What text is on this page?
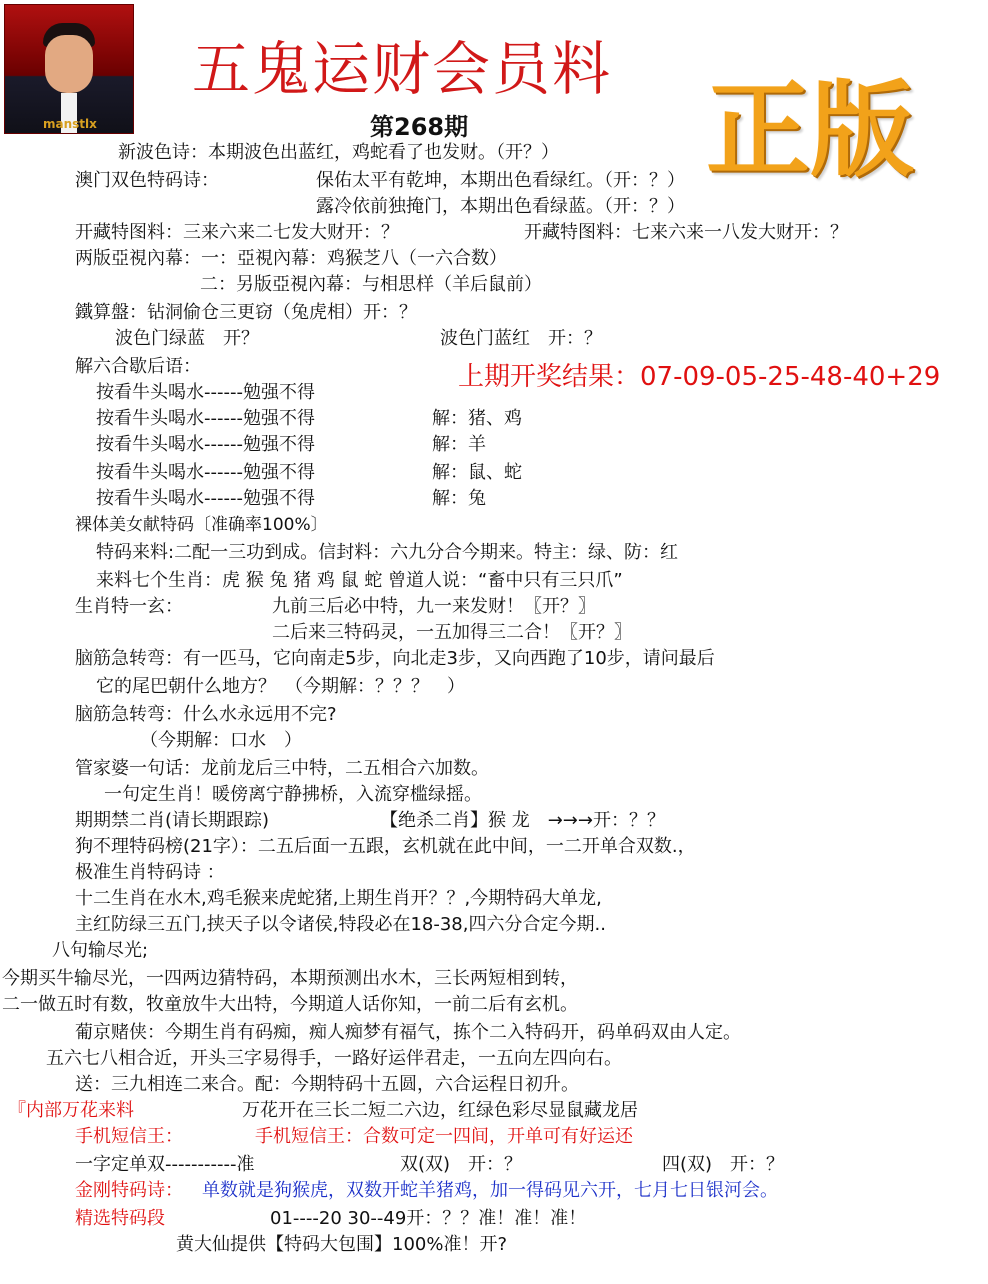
manstlx
五鬼运财会员料 正版
第268期
上期开奖结果：07-09-05-25-48-40+29
新波色诗：本期波色出蓝红，鸡蛇看了也发财。（开？）
澳门双色特码诗：	保佑太平有乾坤，本期出色看绿红。（开：？）
露冷依前独掩门，本期出色看绿蓝。（开：？）
开藏特图料：三来六来二七发大财开：？	开藏特图料：七来六来一八发大财开：？
两版亞視內幕：一：亞視內幕：鸡猴芝八（一六合数）
二：另版亞視內幕：与相思样（羊后鼠前）
鐵算盤：钻洞偷仓三更窃（兔虎相）开：？
波色门绿蓝　开？	波色门蓝红　开：？
解六合歇后语：
按看牛头喝水------勉强不得
按看牛头喝水------勉强不得	解：猪、鸡
按看牛头喝水------勉强不得	解：羊
按看牛头喝水------勉强不得	解：鼠、蛇
按看牛头喝水------勉强不得	解：兔
裸体美女献特码〔准确率100%〕
特码来料:二配一三功到成。信封料：六九分合今期来。特主：绿、防：红
来料七个生肖：虎 猴 兔 猪 鸡 鼠 蛇 曾道人说：“畜中只有三只爪”
生肖特一玄：	九前三后必中特，九一来发财！〖开？〗
二后来三特码灵，一五加得三二合！〖开？〗
脑筋急转弯：有一匹马，它向南走5步，向北走3步，又向西跑了10步，请问最后
它的尾巴朝什么地方？　（今期解：？？？　）
脑筋急转弯：什么水永远用不完?
（今期解：口水　）
管家婆一句话：龙前龙后三中特，二五相合六加数。
一句定生肖！暖傍离宁静拂桥，入流穿槛绿摇。
期期禁二肖(请长期跟踪)	【绝杀二肖】猴 龙　→→→开：？？
狗不理特码榜(21字）：二五后面一五跟，玄机就在此中间，一二开单合双数.，
极准生肖特码诗 ：
十二生肖在水木,鸡毛猴来虎蛇猪,上期生肖开？？,今期特码大单龙,
主红防绿三五门,挟天子以令诸侯,特段必在18-38,四六分合定今期..
八句输尽光;
今期买牛输尽光，一四两边猜特码，本期预测出水木，三长两短相到转，
二一做五时有数，牧童放牛大出特，今期道人话你知，一前二后有玄机。
葡京赌侠：今期生肖有码痴，痴人痴梦有福气，拣个二入特码开，码单码双由人定。
五六七八相合近，开头三字易得手，一路好运伴君走，一五向左四向右。
送：三九相连二来合。配：今期特码十五圆，六合运程日初升。
『内部万花来料	万花开在三长二短二六边，红绿色彩尽显鼠藏龙居
手机短信王：	手机短信王：合数可定一四间，开单可有好运还
一字定单双-----------准	双(双)　开：？	四(双)　开：？
金刚特码诗： 单数就是狗猴虎，双数开蛇羊猪鸡，加一得码见六开，七月七日银河会。
精选特码段	01----20 30--49开：？？准！准！准！
黄大仙提供【特码大包围】100%准！开?
